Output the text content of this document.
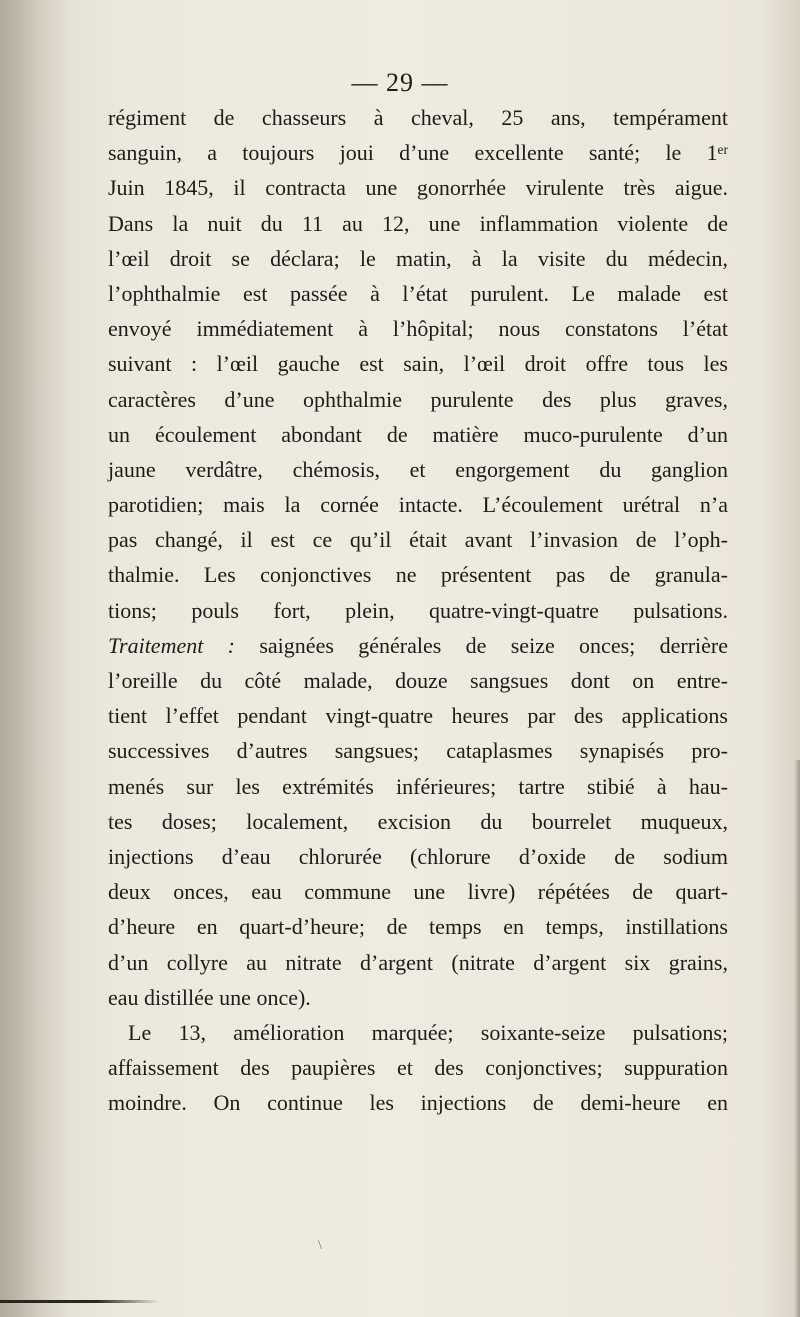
— 29 —
régiment de chasseurs à cheval, 25 ans, tempérament
sanguin, a toujours joui d’une excellente santé; le 1ᵉʳ
Juin 1845, il contracta une gonorrhée virulente très aigue.
Dans la nuit du 11 au 12, une inflammation violente de
l’œil droit se déclara; le matin, à la visite du médecin,
l’ophthalmie est passée à l’état purulent. Le malade est
envoyé immédiatement à l’hôpital; nous constatons l’état
suivant : l’œil gauche est sain, l’œil droit offre tous les
caractères d’une ophthalmie purulente des plus graves,
un écoulement abondant de matière muco-purulente d’un
jaune verdâtre, chémosis, et engorgement du ganglion
parotidien; mais la cornée intacte. L’écoulement urétral n’a
pas changé, il est ce qu’il était avant l’invasion de l’oph-
thalmie. Les conjonctives ne présentent pas de granula-
tions; pouls fort, plein, quatre-vingt-quatre pulsations.
Traitement : saignées générales de seize onces; derrière
l’oreille du côté malade, douze sangsues dont on entre-
tient l’effet pendant vingt-quatre heures par des applications
successives d’autres sangsues; cataplasmes synapisés pro-
menés sur les extrémités inférieures; tartre stibié à hau-
tes doses; localement, excision du bourrelet muqueux,
injections d’eau chlorurée (chlorure d’oxide de sodium
deux onces, eau commune une livre) répétées de quart-
d’heure en quart-d’heure; de temps en temps, instillations
d’un collyre au nitrate d’argent (nitrate d’argent six grains,
eau distillée une once).
Le 13, amélioration marquée; soixante-seize pulsations;
affaissement des paupières et des conjonctives; suppuration
moindre. On continue les injections de demi-heure en
\
